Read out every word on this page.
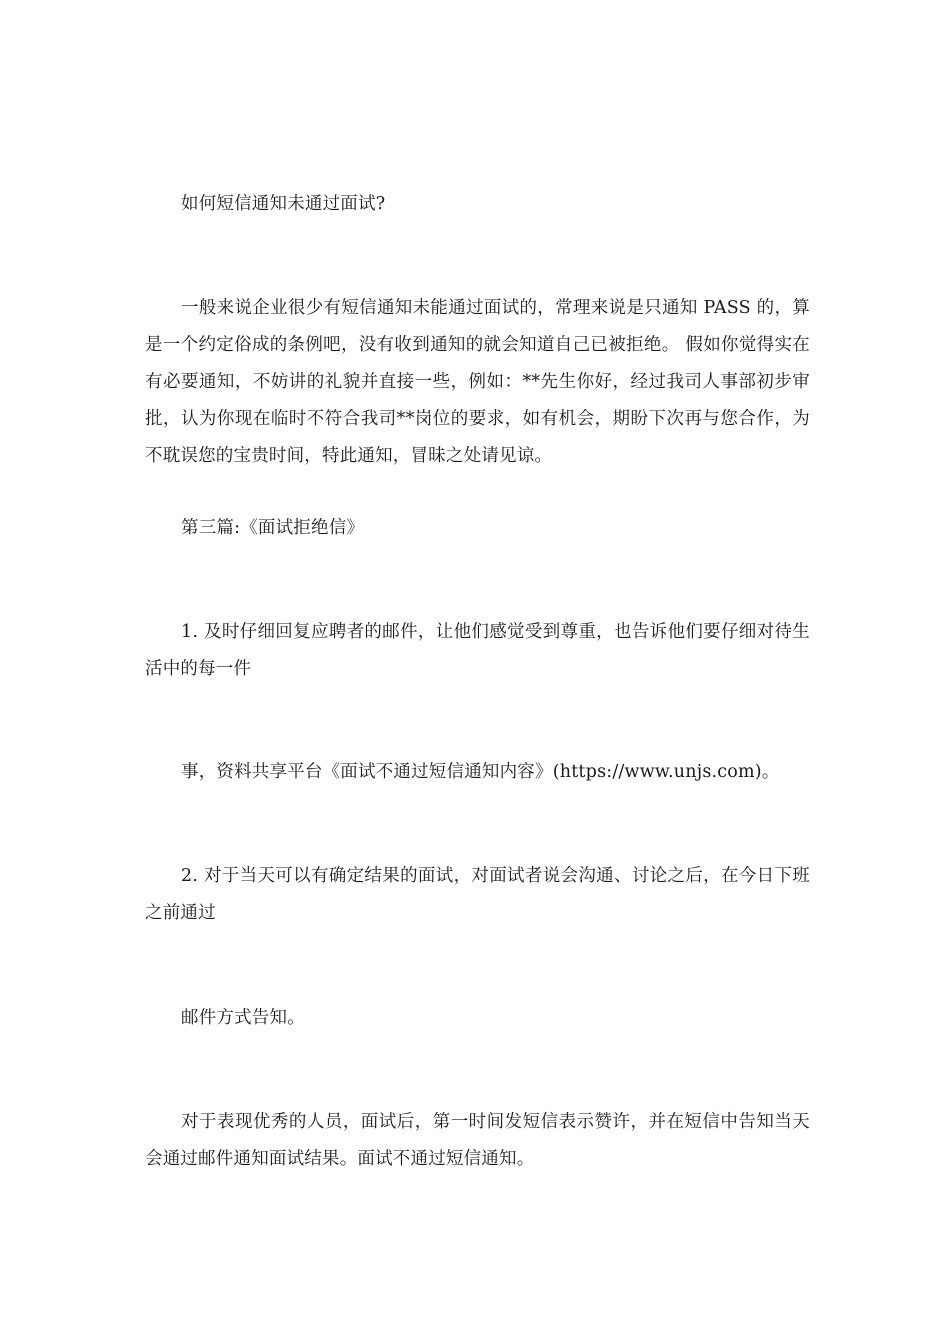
如何短信通知未通过面试?

一般来说企业很少有短信通知未能通过面试的，常理来说是只通知 PASS 的，算是一个约定俗成的条例吧，没有收到通知的就会知道自己已被拒绝。 假如你觉得实在有必要通知，不妨讲的礼貌并直接一些，例如：**先生你好，经过我司人事部初步审批，认为你现在临时不符合我司**岗位的要求，如有机会，期盼下次再与您合作，为不耽误您的宝贵时间，特此通知，冒昧之处请见谅。

第三篇:《面试拒绝信》

1. 及时仔细回复应聘者的邮件，让他们感觉受到尊重，也告诉他们要仔细对待生活中的每一件

事，资料共享平台《面试不通过短信通知内容》(https://www.unjs.com)。

2. 对于当天可以有确定结果的面试，对面试者说会沟通、讨论之后，在今日下班之前通过

邮件方式告知。

对于表现优秀的人员，面试后，第一时间发短信表示赞许，并在短信中告知当天会通过邮件通知面试结果。面试不通过短信通知。
